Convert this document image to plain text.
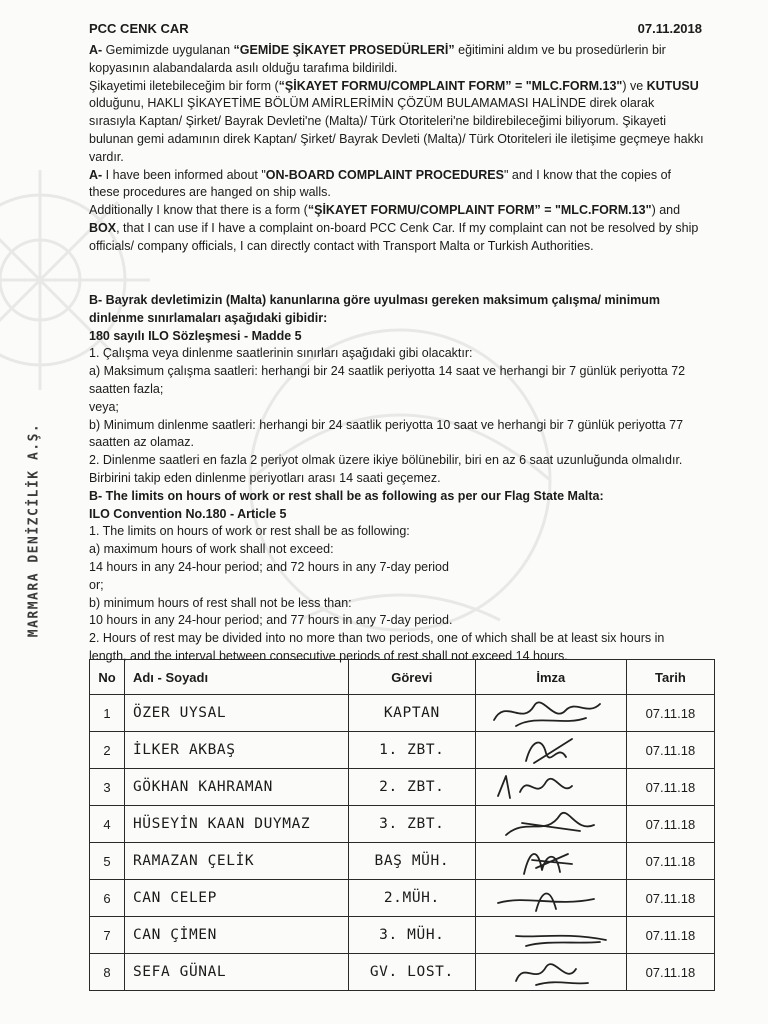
MARMARA DENİZCİLİK A.Ş.
PCC CENK CAR	07.11.2018

A- Gemimizde uygulanan “GEMİDE ŞİKAYET PROSEDÜRLERİ” eğitimini aldım ve bu prosedürlerin bir kopyasının alabandalarda asılı olduğu tarafıma bildirildi.

Şikayetimi iletebileceğim bir form (“ŞİKAYET FORMU/COMPLAINT FORM” = "MLC.FORM.13") ve KUTUSU olduğunu, HAKLI ŞİKAYETİME BÖLÜM AMİRLERİMİN ÇÖZÜM BULAMAMASI HALİNDE direk olarak sırasıyla Kaptan/ Şirket/ Bayrak Devleti'ne (Malta)/ Türk Otoriteleri'ne bildirebileceğimi biliyorum. Şikayeti bulunan gemi adamının direk Kaptan/ Şirket/ Bayrak Devleti (Malta)/ Türk Otoriteleri ile iletişime geçmeye hakkı vardır.

A- I have been informed about "ON-BOARD COMPLAINT PROCEDURES" and I know that the copies of these procedures are hanged on ship walls.

Additionally I know that there is a form (“ŞİKAYET FORMU/COMPLAINT FORM” = "MLC.FORM.13") and BOX, that I can use if I have a complaint on-board PCC Cenk Car. If my complaint can not be resolved by ship officials/ company officials, I can directly contact with Transport Malta or Turkish Authorities.

B- Bayrak devletimizin (Malta) kanunlarına göre uyulması gereken maksimum çalışma/ minimum dinlenme sınırlamaları aşağıdaki gibidir:

180 sayılı ILO Sözleşmesi - Madde 5

1. Çalışma veya dinlenme saatlerinin sınırları aşağıdaki gibi olacaktır:

a) Maksimum çalışma saatleri: herhangi bir 24 saatlik periyotta 14 saat ve herhangi bir 7 günlük periyotta 72 saatten fazla;

veya;

b) Minimum dinlenme saatleri: herhangi bir 24 saatlik periyotta 10 saat ve herhangi bir 7 günlük periyotta 77 saatten az olamaz.

2. Dinlenme saatleri en fazla 2 periyot olmak üzere ikiye bölünebilir, biri en az 6 saat uzunluğunda olmalıdır. Birbirini takip eden dinlenme periyotları arası 14 saati geçemez.

B- The limits on hours of work or rest shall be as following as per our Flag State Malta:

ILO Convention No.180 - Article 5

1. The limits on hours of work or rest shall be as following:

a) maximum hours of work shall not exceed:

14 hours in any 24-hour period; and 72 hours in any 7-day period

or;

b) minimum hours of rest shall not be less than:

10 hours in any 24-hour period; and 77 hours in any 7-day period.

2. Hours of rest may be divided into no more than two periods, one of which shall be at least six hours in length, and the interval between consecutive periods of rest shall not exceed 14 hours.

No	Adı - Soyadı	Görevi	İmza	Tarih
1	ÖZER UYSAL	KAPTAN		07.11.18
2	İLKER AKBAŞ	1. ZBT.		07.11.18
3	GÖKHAN KAHRAMAN	2. ZBT.		07.11.18
4	HÜSEYİN KAAN DUYMAZ	3. ZBT.		07.11.18
5	RAMAZAN ÇELİK	BAŞ MÜH.		07.11.18
6	CAN CELEP	2.MÜH.		07.11.18
7	CAN ÇİMEN	3. MÜH.		07.11.18
8	SEFA GÜNAL	GV. LOST.		07.11.18
